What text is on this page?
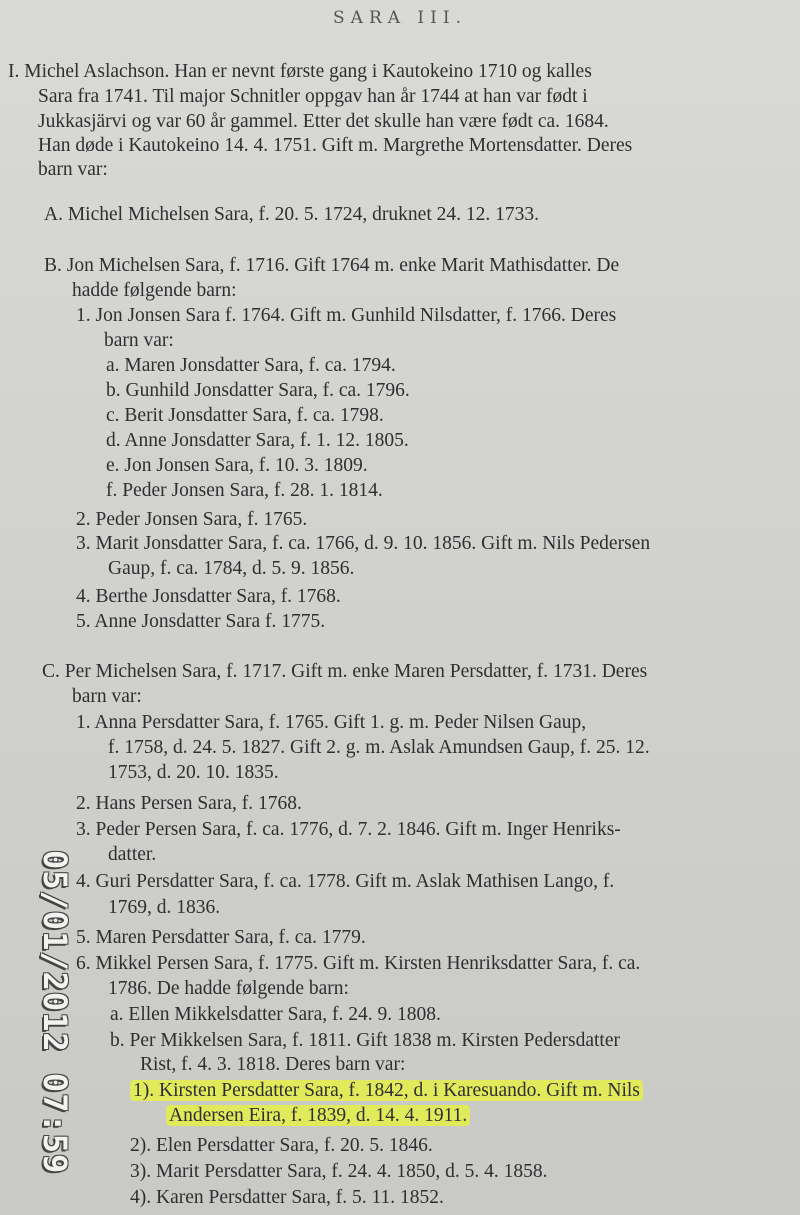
SARA III.
I. Michel Aslachson. Han er nevnt første gang i Kautokeino 1710 og kalles
Sara fra 1741. Til major Schnitler oppgav han år 1744 at han var født i
Jukkasjärvi og var 60 år gammel. Etter det skulle han være født ca. 1684.
Han døde i Kautokeino 14. 4. 1751. Gift m. Margrethe Mortensdatter. Deres
barn var:
A. Michel Michelsen Sara, f. 20. 5. 1724, druknet 24. 12. 1733.
B. Jon Michelsen Sara, f. 1716. Gift 1764 m. enke Marit Mathisdatter. De
hadde følgende barn:
1. Jon Jonsen Sara f. 1764. Gift m. Gunhild Nilsdatter, f. 1766. Deres
barn var:
a. Maren Jonsdatter Sara, f. ca. 1794.
b. Gunhild Jonsdatter Sara, f. ca. 1796.
c. Berit Jonsdatter Sara, f. ca. 1798.
d. Anne Jonsdatter Sara, f. 1. 12. 1805.
e. Jon Jonsen Sara, f. 10. 3. 1809.
f. Peder Jonsen Sara, f. 28. 1. 1814.
2. Peder Jonsen Sara, f. 1765.
3. Marit Jonsdatter Sara, f. ca. 1766, d. 9. 10. 1856. Gift m. Nils Pedersen
Gaup, f. ca. 1784, d. 5. 9. 1856.
4. Berthe Jonsdatter Sara, f. 1768.
5. Anne Jonsdatter Sara f. 1775.
C. Per Michelsen Sara, f. 1717. Gift m. enke Maren Persdatter, f. 1731. Deres
barn var:
1. Anna Persdatter Sara, f. 1765. Gift 1. g. m. Peder Nilsen Gaup,
f. 1758, d. 24. 5. 1827. Gift 2. g. m. Aslak Amundsen Gaup, f. 25. 12.
1753, d. 20. 10. 1835.
2. Hans Persen Sara, f. 1768.
3. Peder Persen Sara, f. ca. 1776, d. 7. 2. 1846. Gift m. Inger Henriks-
datter.
4. Guri Persdatter Sara, f. ca. 1778. Gift m. Aslak Mathisen Lango, f.
1769, d. 1836.
5. Maren Persdatter Sara, f. ca. 1779.
6. Mikkel Persen Sara, f. 1775. Gift m. Kirsten Henriksdatter Sara, f. ca.
1786. De hadde følgende barn:
a. Ellen Mikkelsdatter Sara, f. 24. 9. 1808.
b. Per Mikkelsen Sara, f. 1811. Gift 1838 m. Kirsten Pedersdatter
Rist, f. 4. 3. 1818. Deres barn var:
1). Kirsten Persdatter Sara, f. 1842, d. i Karesuando. Gift m. Nils
Andersen Eira, f. 1839, d. 14. 4. 1911.
2). Elen Persdatter Sara, f. 20. 5. 1846.
3). Marit Persdatter Sara, f. 24. 4. 1850, d. 5. 4. 1858.
4). Karen Persdatter Sara, f. 5. 11. 1852.
05/01/2012 07:59
